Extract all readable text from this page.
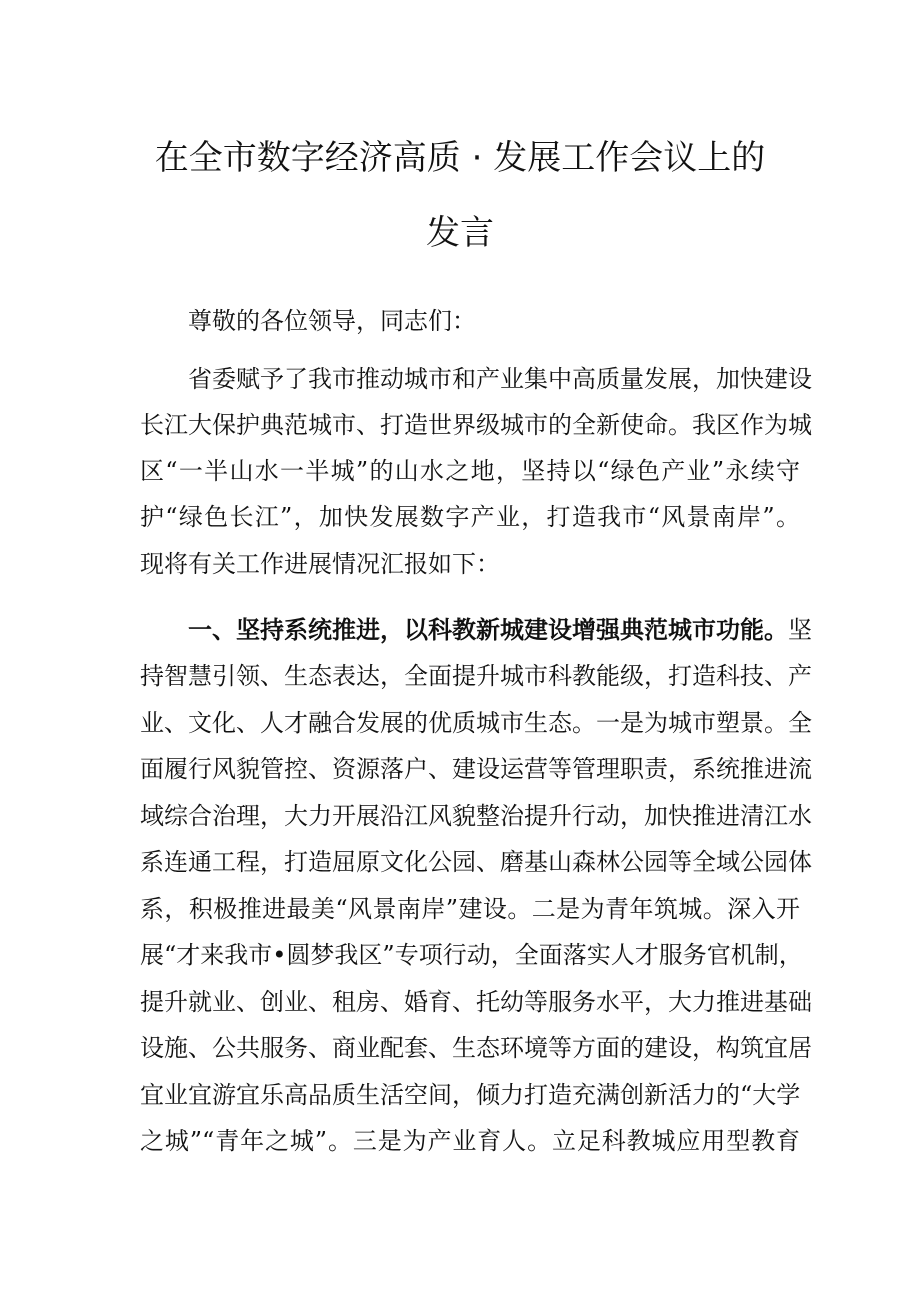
在全市数字经济高质 · 发展工作会议上的
发言
尊敬的各位领导，同志们：
省委赋予了我市推动城市和产业集中高质量发展，加快建设
长江大保护典范城市、打造世界级城市的全新使命。我区作为城
区“一半山水一半城”的山水之地，坚持以“绿色产业”永续守
护“绿色长江”，加快发展数字产业，打造我市“风景南岸”。
现将有关工作进展情况汇报如下：
一、坚持系统推进，以科教新城建设增强典范城市功能。坚
持智慧引领、生态表达，全面提升城市科教能级，打造科技、产
业、文化、人才融合发展的优质城市生态。一是为城市塑景。全
面履行风貌管控、资源落户、建设运营等管理职责，系统推进流
域综合治理，大力开展沿江风貌整治提升行动，加快推进清江水
系连通工程，打造屈原文化公园、磨基山森林公园等全域公园体
系，积极推进最美“风景南岸”建设。二是为青年筑城。深入开
展“才来我市•圆梦我区”专项行动，全面落实人才服务官机制，
提升就业、创业、租房、婚育、托幼等服务水平，大力推进基础
设施、公共服务、商业配套、生态环境等方面的建设，构筑宜居
宜业宜游宜乐高品质生活空间，倾力打造充满创新活力的“大学
之城”“青年之城”。三是为产业育人。立足科教城应用型教育
